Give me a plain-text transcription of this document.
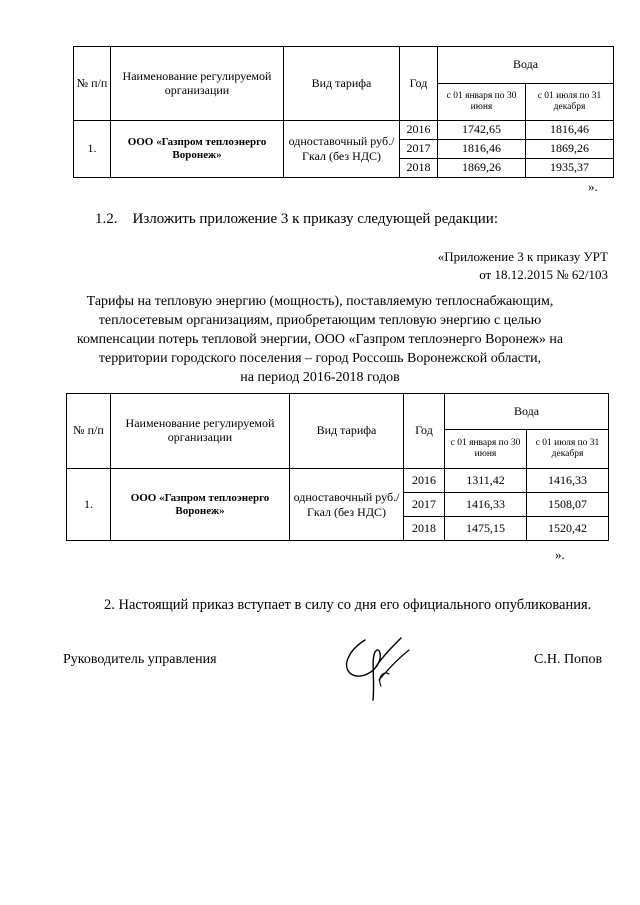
№ п/п	Наименование регулируемой организации	Вид тарифа	Год	Вода	
				с 01 января по 30 июня	с 01 июля по 31 декабря
1.	ООО «Газпром теплоэнерго Воронеж»	одноставочный руб./Гкал (без НДС)	2016	1742,65	1816,46
			2017	1816,46	1869,26
			2018	1869,26	1935,37
».
1.2.    Изложить приложение 3 к приказу следующей редакции:
«Приложение 3 к приказу УРТ
от 18.12.2015 № 62/103
Тарифы на тепловую энергию (мощность), поставляемую теплоснабжающим,
теплосетевым организациям, приобретающим тепловую энергию с целью
компенсации потерь тепловой энергии, ООО «Газпром теплоэнерго Воронеж» на
территории городского поселения – город Россошь Воронежской области,
на период 2016-2018 годов
№ п/п	Наименование регулируемой организации	Вид тарифа	Год	Вода	
				с 01 января по 30 июня	с 01 июля по 31 декабря
1.	ООО «Газпром теплоэнерго Воронеж»	одноставочный руб./Гкал (без НДС)	2016	1311,42	1416,33
			2017	1416,33	1508,07
			2018	1475,15	1520,42
».
2. Настоящий приказ вступает в силу со дня его официального опубликования.
Руководитель управления	С.Н. Попов
